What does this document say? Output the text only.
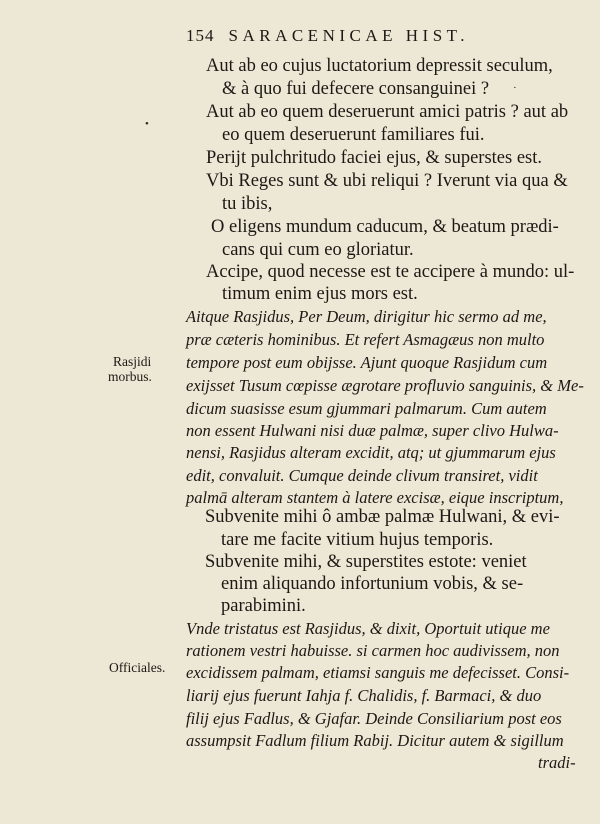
154 SARACENICAE HIST.
•
·
Rasjidi
morbus.
Officiales.
Aut ab eo cujus luctatorium depressit seculum,
& à quo fui defecere consanguinei ?
Aut ab eo quem deseruerunt amici patris ? aut ab
eo quem deseruerunt familiares fui.
Perijt pulchritudo faciei ejus, & superstes est.
Vbi Reges sunt & ubi reliqui ? Iverunt via qua &
tu ibis,
O eligens mundum caducum, & beatum prædi-
cans qui cum eo gloriatur.
Accipe, quod necesse est te accipere à mundo: ul-
timum enim ejus mors est.
Aitque Rasjidus, Per Deum, dirigitur hic sermo ad me,
præ cæteris hominibus. Et refert Asmagæus non multo
tempore post eum obijsse. Ajunt quoque Rasjidum cum
exijsset Tusum cœpisse ægrotare profluvio sanguinis, & Me-
dicum suasisse esum gjummari palmarum. Cum autem
non essent Hulwani nisi duæ palmæ, super clivo Hulwa-
nensi, Rasjidus alteram excidit, atq; ut gjummarum ejus
edit, convaluit. Cumque deinde clivum transiret, vidit
palmā alteram stantem à latere excisæ, eique inscriptum,
Subvenite mihi ô ambæ palmæ Hulwani, & evi-
tare me facite vitium hujus temporis.
Subvenite mihi, & superstites estote: veniet
enim aliquando infortunium vobis, & se-
parabimini.
Vnde tristatus est Rasjidus, & dixit, Oportuit utique me
rationem vestri habuisse. si carmen hoc audivissem, non
excidissem palmam, etiamsi sanguis me defecisset. Consi-
liarij ejus fuerunt Iahja f. Chalidis, f. Barmaci, & duo
filij ejus Fadlus, & Gjafar. Deinde Consiliarium post eos
assumpsit Fadlum filium Rabij. Dicitur autem & sigillum
tradi-
